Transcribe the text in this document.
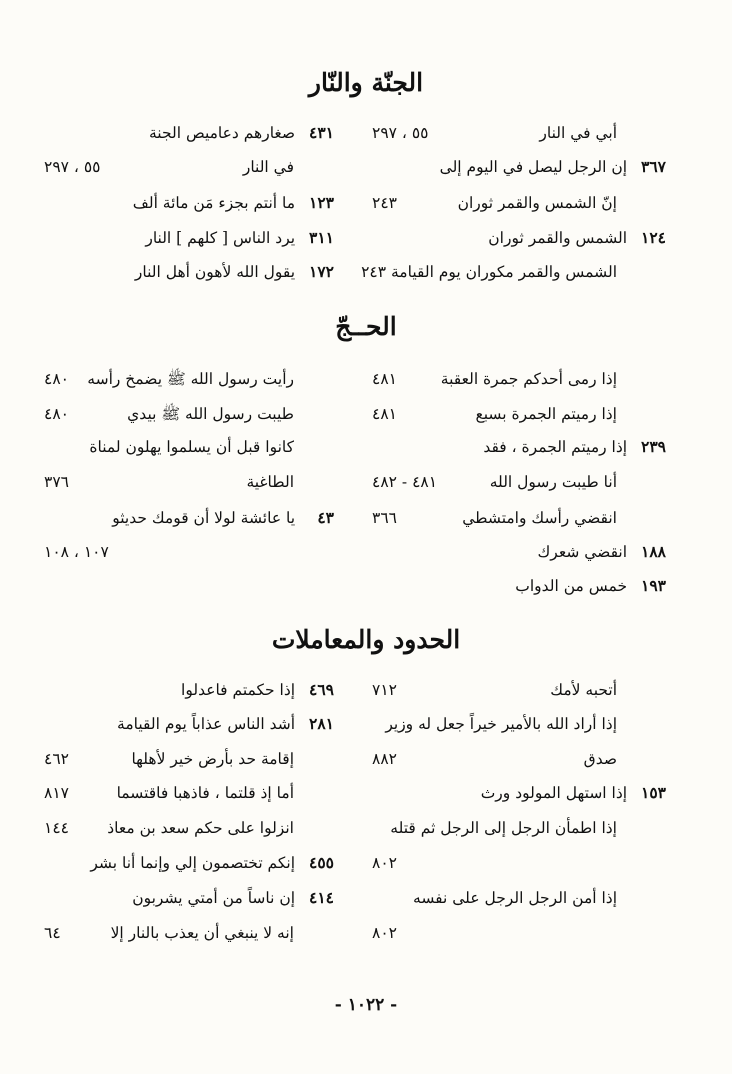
الجنّة والنّار
أبي في النار
٥٥ ، ٢٩٧
٣٦٧ إن الرجل ليصل في اليوم إلى
إنّ الشمس والقمر ثوران
٢٤٣
١٢٤ الشمس والقمر ثوران
الشمس والقمر مكوران يوم القيامة ٢٤٣
٤٣١ صغارهم دعاميص الجنة
في النار
٥٥ ، ٢٩٧
١٢٣ ما أنتم بجزء مَن مائة ألف
٣١١ يرد الناس [ كلهم ] النار
١٧٢ يقول الله لأهون أهل النار
الحــجّ
إذا رمى أحدكم جمرة العقبة
٤٨١
إذا رميتم الجمرة بسبع
٤٨١
٢٣٩ إذا رميتم الجمرة ، فقد
أنا طيبت رسول الله
٤٨١ - ٤٨٢
انقضي رأسك وامتشطي
٣٦٦
١٨٨ انقضي شعرك
١٩٣ خمس من الدواب
رأيت رسول الله ﷺ يضمخ رأسه
٤٨٠
طيبت رسول الله ﷺ بيدي
٤٨٠
كانوا قبل أن يسلموا يهلون لمناة
الطاغية
٣٧٦
٤٣ يا عائشة لولا أن قومك حديثو
١٠٧ ، ١٠٨
الحدود والمعاملات
أتحبه لأمك
٧١٢
إذا أراد الله بالأمير خيراً جعل له وزير
صدق
٨٨٢
١٥٣ إذا استهل المولود ورث
إذا اطمأن الرجل إلى الرجل ثم قتله
٨٠٢
إذا أمن الرجل الرجل على نفسه
٨٠٢
٤٦٩ إذا حكمتم فاعدلوا
٢٨١ أشد الناس عذاباً يوم القيامة
إقامة حد بأرض خير لأهلها
٤٦٢
أما إذ قلتما ، فاذهبا فاقتسما
٨١٧
انزلوا على حكم سعد بن معاذ
١٤٤
٤٥٥ إنكم تختصمون إلي وإنما أنا بشر
٤١٤ إن ناساً من أمتي يشربون
إنه لا ينبغي أن يعذب بالنار إلا
٦٤
- ١٠٢٢ -
